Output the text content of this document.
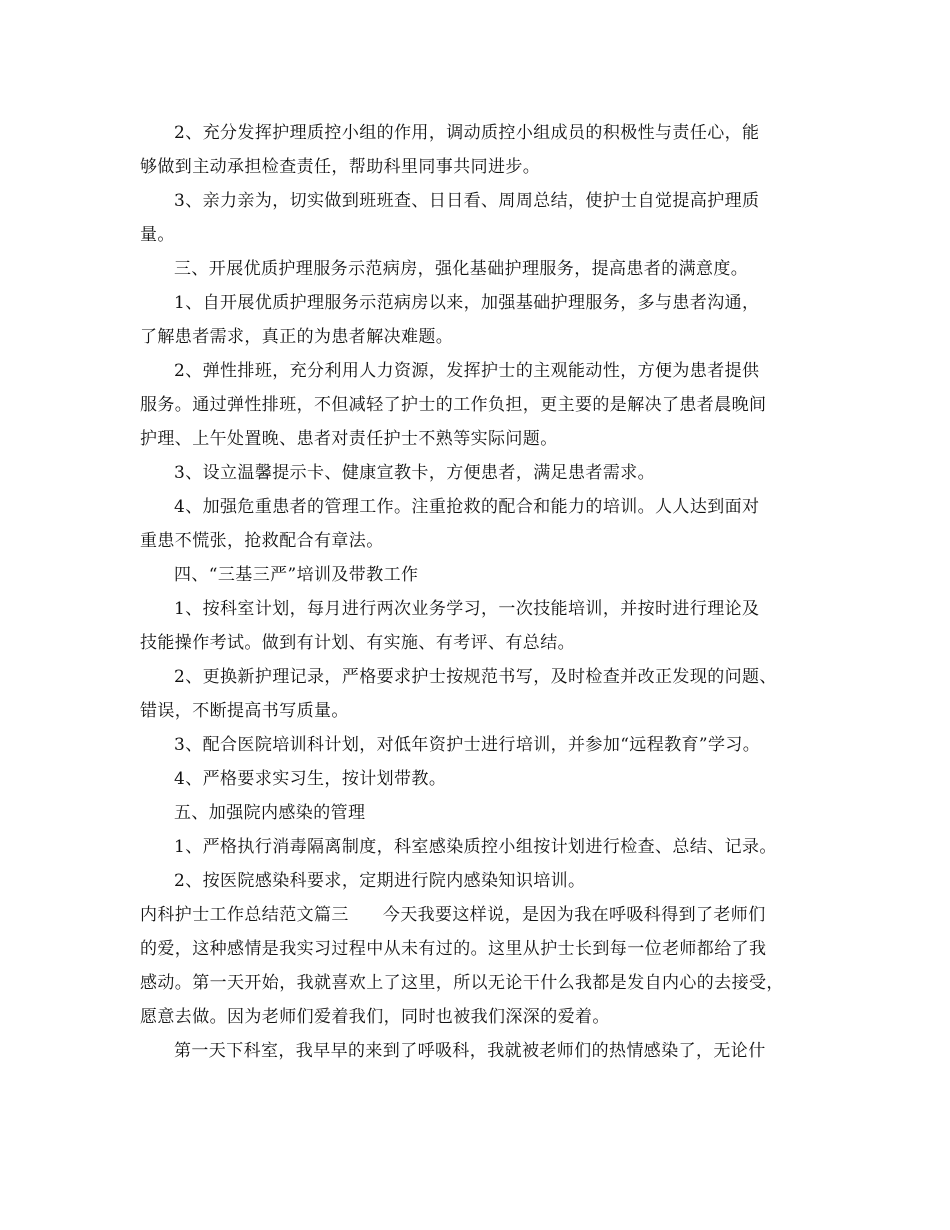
2、充分发挥护理质控小组的作用，调动质控小组成员的积极性与责任心，能
够做到主动承担检查责任，帮助科里同事共同进步。
3、亲力亲为，切实做到班班查、日日看、周周总结，使护士自觉提高护理质
量。
三、开展优质护理服务示范病房，强化基础护理服务，提高患者的满意度。
1、自开展优质护理服务示范病房以来，加强基础护理服务，多与患者沟通，
了解患者需求，真正的为患者解决难题。
2、弹性排班，充分利用人力资源，发挥护士的主观能动性，方便为患者提供
服务。通过弹性排班，不但减轻了护士的工作负担，更主要的是解决了患者晨晚间
护理、上午处置晚、患者对责任护士不熟等实际问题。
3、设立温馨提示卡、健康宣教卡，方便患者，满足患者需求。
4、加强危重患者的管理工作。注重抢救的配合和能力的培训。人人达到面对
重患不慌张，抢救配合有章法。
四、“三基三严”培训及带教工作
1、按科室计划，每月进行两次业务学习，一次技能培训，并按时进行理论及
技能操作考试。做到有计划、有实施、有考评、有总结。
2、更换新护理记录，严格要求护士按规范书写，及时检查并改正发现的问题、
错误，不断提高书写质量。
3、配合医院培训科计划，对低年资护士进行培训，并参加“远程教育”学习。
4、严格要求实习生，按计划带教。
五、加强院内感染的管理
1、严格执行消毒隔离制度，科室感染质控小组按计划进行检查、总结、记录。
2、按医院感染科要求，定期进行院内感染知识培训。
内科护士工作总结范文篇三 今天我要这样说，是因为我在呼吸科得到了老师们
的爱，这种感情是我实习过程中从未有过的。这里从护士长到每一位老师都给了我
感动。第一天开始，我就喜欢上了这里，所以无论干什么我都是发自内心的去接受，
愿意去做。因为老师们爱着我们，同时也被我们深深的爱着。
第一天下科室，我早早的来到了呼吸科，我就被老师们的热情感染了，无论什
